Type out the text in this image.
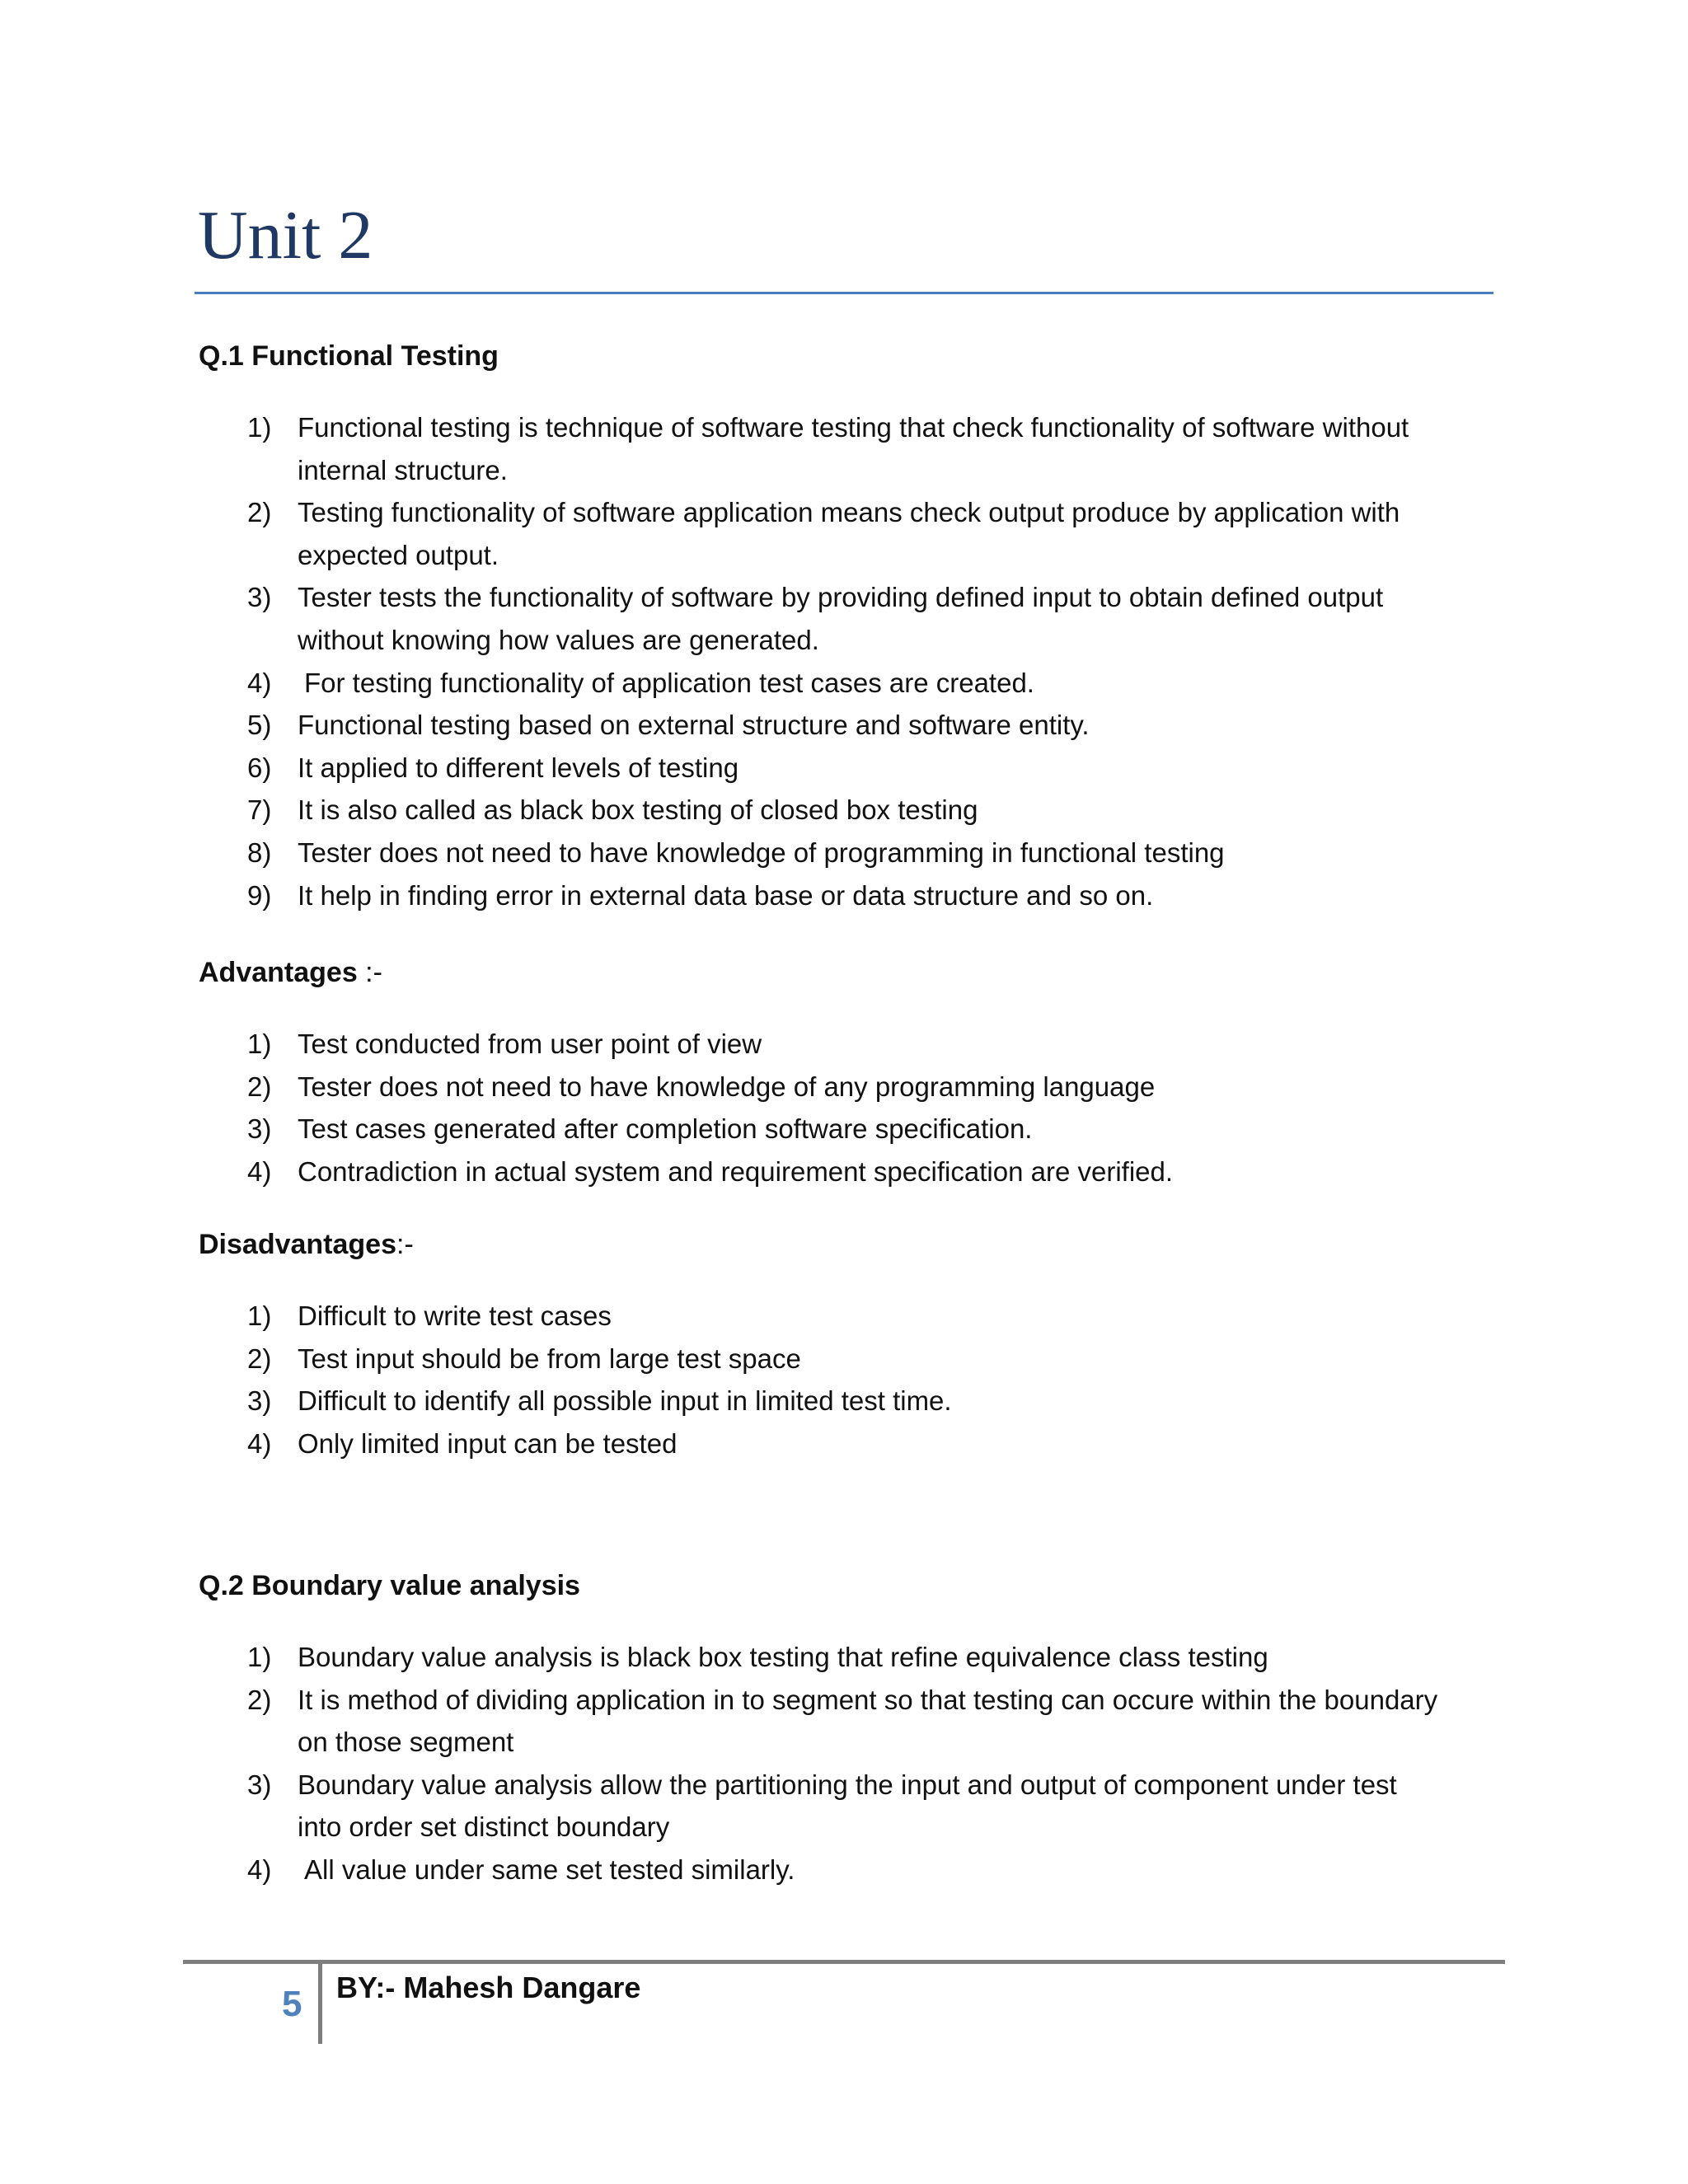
Unit 2
Q.1 Functional Testing
1) Functional testing is technique of software testing that check functionality of software without
internal structure.
2) Testing functionality of software application means check output produce by application with
expected output.
3) Tester tests the functionality of software by providing defined input to obtain defined output
without knowing how values are generated.
4) For testing functionality of application test cases are created.
5) Functional testing based on external structure and software entity.
6) It applied to different levels of testing
7) It is also called as black box testing of closed box testing
8) Tester does not need to have knowledge of programming in functional testing
9) It help in finding error in external data base or data structure and so on.
Advantages :-
1) Test conducted from user point of view
2) Tester does not need to have knowledge of any programming language
3) Test cases generated after completion software specification.
4) Contradiction in actual system and requirement specification are verified.
Disadvantages:-
1) Difficult to write test cases
2) Test input should be from large test space
3) Difficult to identify all possible input in limited test time.
4) Only limited input can be tested
Q.2 Boundary value analysis
1) Boundary value analysis is black box testing that refine equivalence class testing
2) It is method of dividing application in to segment so that testing can occure within the boundary
on those segment
3) Boundary value analysis allow the partitioning the input and output of component under test
into order set distinct boundary
4) All value under same set tested similarly.
5 BY:- Mahesh Dangare
